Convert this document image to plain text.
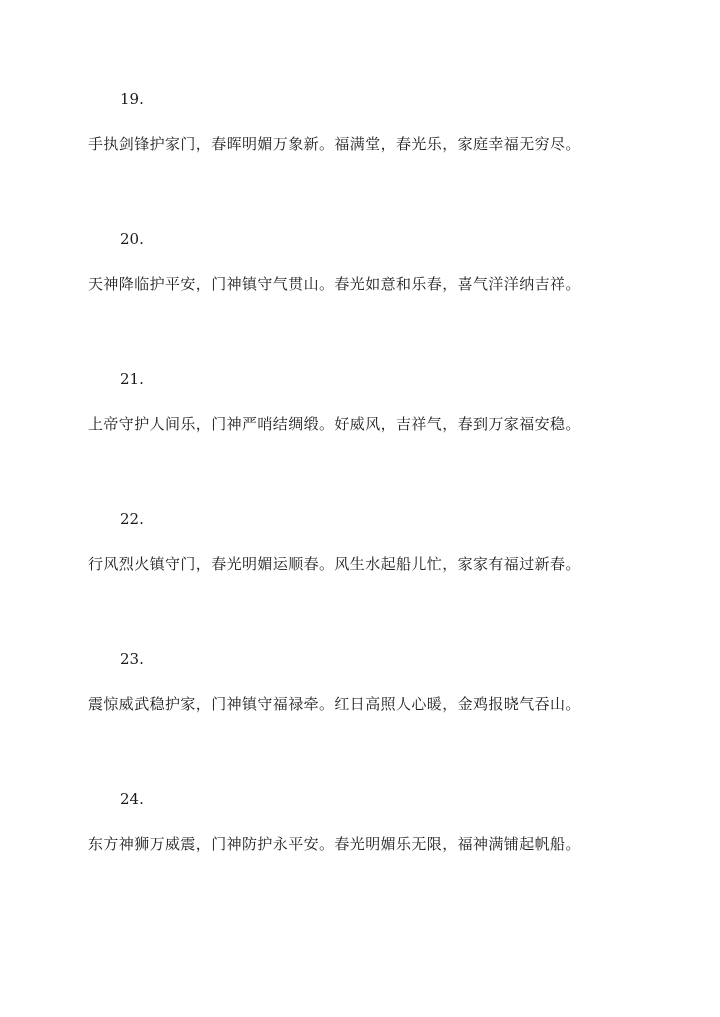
19.
手执剑锋护家门，春晖明媚万象新。福满堂，春光乐，家庭幸福无穷尽。
20.
天神降临护平安，门神镇守气贯山。春光如意和乐春，喜气洋洋纳吉祥。
21.
上帝守护人间乐，门神严哨结绸缎。好威风，吉祥气，春到万家福安稳。
22.
行风烈火镇守门，春光明媚运顺春。风生水起船儿忙，家家有福过新春。
23.
震惊威武稳护家，门神镇守福禄牵。红日高照人心暖，金鸡报晓气吞山。
24.
东方神狮万威震，门神防护永平安。春光明媚乐无限，福神满铺起帆船。
